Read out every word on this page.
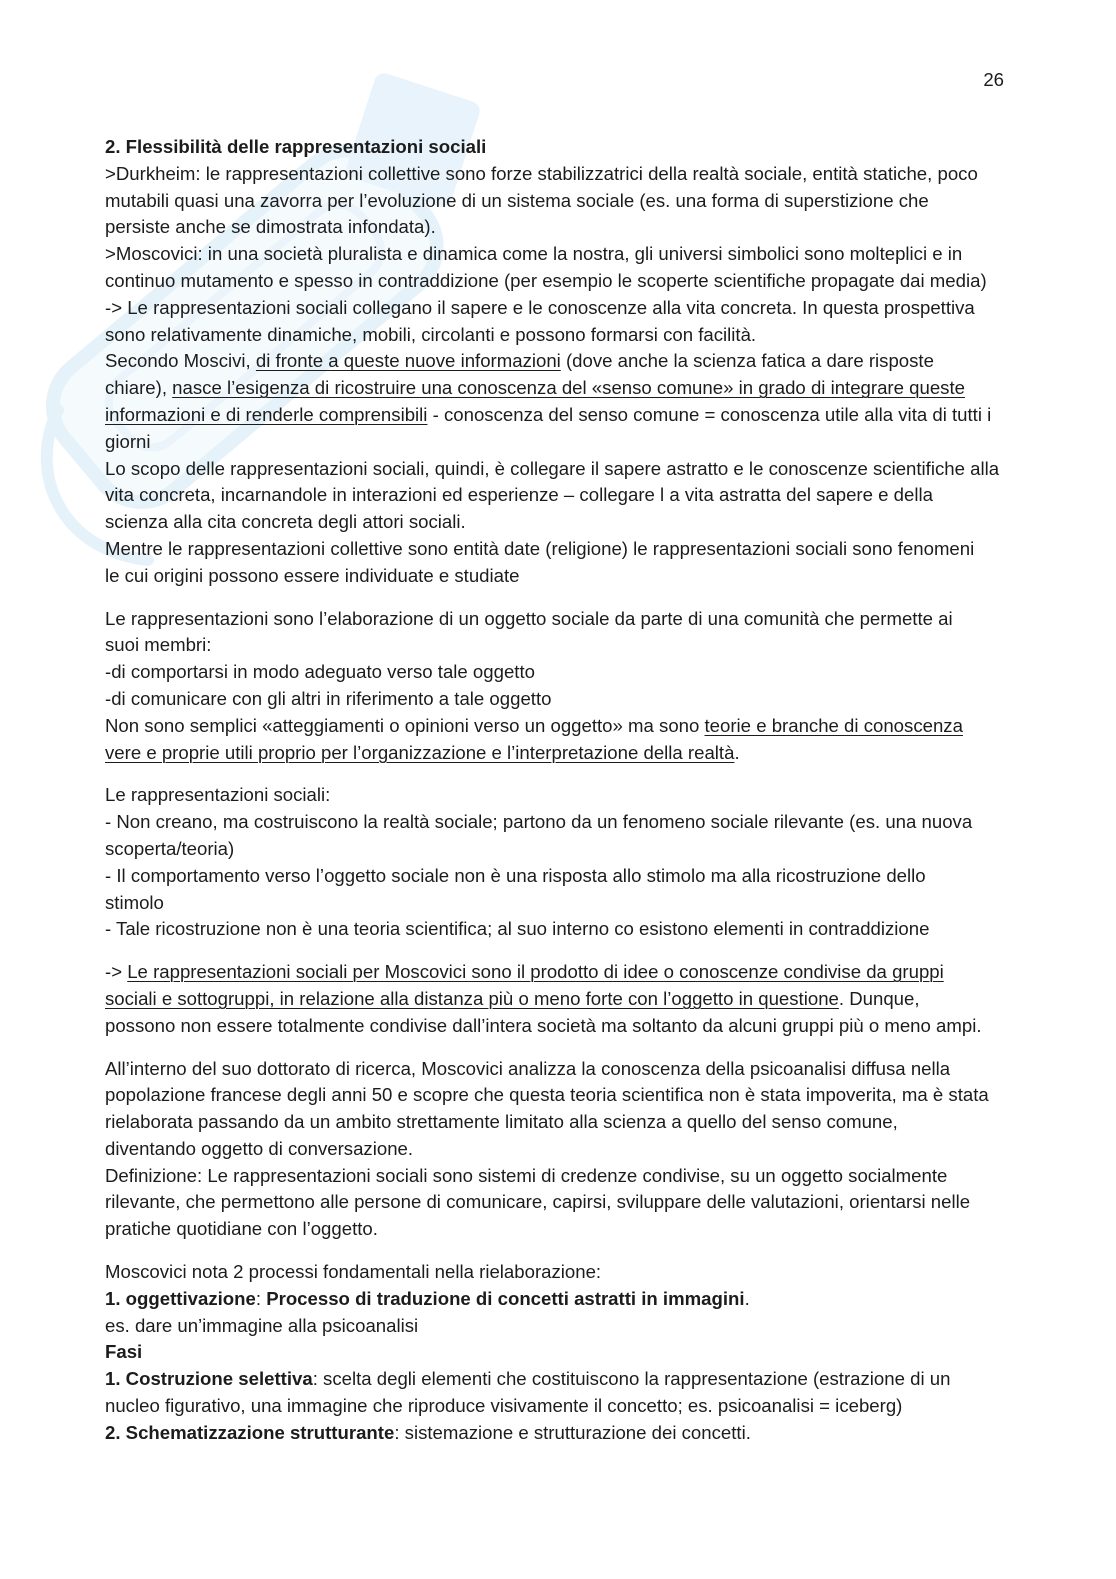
26
2. Flessibilità delle rappresentazioni sociali
>Durkheim: le rappresentazioni collettive sono forze stabilizzatrici della realtà sociale, entità statiche, poco
mutabili quasi una zavorra per l’evoluzione di un sistema sociale (es. una forma di superstizione che
persiste anche se dimostrata infondata).
>Moscovici: in una società pluralista e dinamica come la nostra, gli universi simbolici sono molteplici e in
continuo mutamento e spesso in contraddizione (per esempio le scoperte scientifiche propagate dai media)
-> Le rappresentazioni sociali collegano il sapere e le conoscenze alla vita concreta. In questa prospettiva
sono relativamente dinamiche, mobili, circolanti e possono formarsi con facilità.
Secondo Moscivi, di fronte a queste nuove informazioni (dove anche la scienza fatica a dare risposte
chiare), nasce l’esigenza di ricostruire una conoscenza del «senso comune» in grado di integrare queste
informazioni e di renderle comprensibili - conoscenza del senso comune = conoscenza utile alla vita di tutti i
giorni
Lo scopo delle rappresentazioni sociali, quindi, è collegare il sapere astratto e le conoscenze scientifiche alla
vita concreta, incarnandole in interazioni ed esperienze – collegare l a vita astratta del sapere e della
scienza alla cita concreta degli attori sociali.
Mentre le rappresentazioni collettive sono entità date (religione) le rappresentazioni sociali sono fenomeni
le cui origini possono essere individuate e studiate
Le rappresentazioni sono l’elaborazione di un oggetto sociale da parte di una comunità che permette ai
suoi membri:
-di comportarsi in modo adeguato verso tale oggetto
-di comunicare con gli altri in riferimento a tale oggetto
Non sono semplici «atteggiamenti o opinioni verso un oggetto» ma sono teorie e branche di conoscenza
vere e proprie utili proprio per l’organizzazione e l’interpretazione della realtà.
Le rappresentazioni sociali:
- Non creano, ma costruiscono la realtà sociale; partono da un fenomeno sociale rilevante (es. una nuova
scoperta/teoria)
- Il comportamento verso l’oggetto sociale non è una risposta allo stimolo ma alla ricostruzione dello
stimolo
- Tale ricostruzione non è una teoria scientifica; al suo interno co esistono elementi in contraddizione
-> Le rappresentazioni sociali per Moscovici sono il prodotto di idee o conoscenze condivise da gruppi
sociali e sottogruppi, in relazione alla distanza più o meno forte con l’oggetto in questione. Dunque,
possono non essere totalmente condivise dall’intera società ma soltanto da alcuni gruppi più o meno ampi.
All’interno del suo dottorato di ricerca, Moscovici analizza la conoscenza della psicoanalisi diffusa nella
popolazione francese degli anni 50 e scopre che questa teoria scientifica non è stata impoverita, ma è stata
rielaborata passando da un ambito strettamente limitato alla scienza a quello del senso comune,
diventando oggetto di conversazione.
Definizione: Le rappresentazioni sociali sono sistemi di credenze condivise, su un oggetto socialmente
rilevante, che permettono alle persone di comunicare, capirsi, sviluppare delle valutazioni, orientarsi nelle
pratiche quotidiane con l’oggetto.
Moscovici nota 2 processi fondamentali nella rielaborazione:
1. oggettivazione: Processo di traduzione di concetti astratti in immagini.
es. dare un’immagine alla psicoanalisi
Fasi
1. Costruzione selettiva: scelta degli elementi che costituiscono la rappresentazione (estrazione di un
nucleo figurativo, una immagine che riproduce visivamente il concetto; es. psicoanalisi = iceberg)
2. Schematizzazione strutturante: sistemazione e strutturazione dei concetti.
